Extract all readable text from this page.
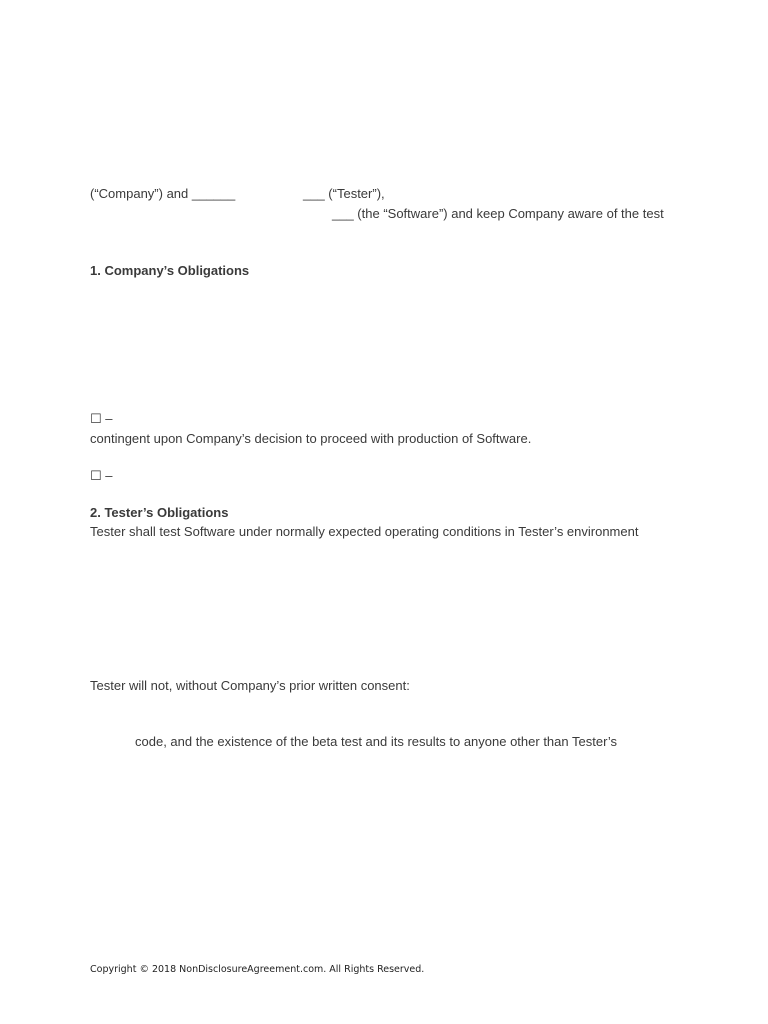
(“Company”) and ______	___ (“Tester”),
___ (the “Software”) and keep Company aware of the test
1. Company’s Obligations
☐ –
contingent upon Company’s decision to proceed with production of Software.
☐ –
2. Tester’s Obligations
Tester shall test Software under normally expected operating conditions in Tester’s environment
Tester will not, without Company’s prior written consent:
code, and the existence of the beta test and its results to anyone other than Tester’s
Copyright © 2018 NonDisclosureAgreement.com. All Rights Reserved.
